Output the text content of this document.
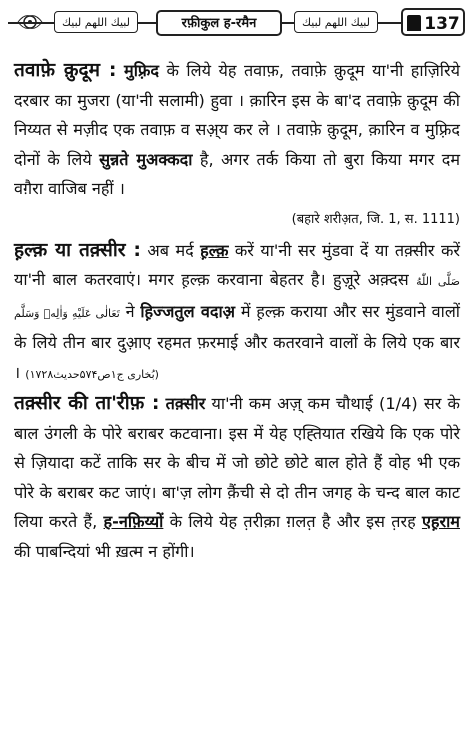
لبيك اللهم لبيك	रफ़ीकुल ह-रमैन	لبيك اللهم لبيك	137

तवाफ़े क़ुदूम : मुफ़्रिद के लिये येह तवाफ़, तवाफ़े क़ुदूम या'नी हाज़िरिये दरबार का मुजरा (या'नी सलामी) हुवा । क़ारिन इस के बा'द तवाफ़े क़ुदूम की निय्यत से मज़ीद एक तवाफ़ व सअ़्य कर ले । तवाफ़े क़ुदूम, क़ारिन व मुफ़्रिद दोनों के लिये सुन्नते मुअक्कदा है, अगर तर्क किया तो बुरा किया मगर दम वग़ैरा वाजिब नहीं ।

(बहारे शरीअ़त, जि. 1, स. 1111)

ह़ल्क़ या तक़्सीर : अब मर्द ह़ल्क़ करें या'नी सर मुंडवा दें या तक़्सीर करें या'नी बाल कतरवाएं। मगर ह़ल्क़ करवाना बेहतर है। हुज़ूरे अक़्दस صَلَّى اللّٰهُ تَعَالٰى عَلَيْهِ وَاٰلِهٖ وَسَلَّم ने ह़िज्जतुल वदाअ़ में ह़ल्क़ कराया और सर मुंडवाने वालों के लिये तीन बार दुआ़ए रहमत फ़रमाई और कतरवाने वालों के लिये एक बार । (بُخاری ج۱ص۵۷۴حدیث۱۷۲۸)

तक़्सीर की ता'रीफ़ : तक़्सीर या'नी कम अज़् कम चौथाई (1/4) सर के बाल उंगली के पोरे बराबर कटवाना। इस में येह एह्तियात रखिये कि एक पोरे से ज़ियादा कटें ताकि सर के बीच में जो छोटे छोटे बाल होते हैं वोह भी एक पोरे के बराबर कट जाएं। बा'ज़ लोग क़ैंची से दो तीन जगह के चन्द बाल काट लिया करते हैं, ह-नफ़िय्यों के लिये येह त़रीक़ा ग़लत़ है और इस त़रह एह़राम की पाबन्दियां भी ख़त्म न होंगी।
